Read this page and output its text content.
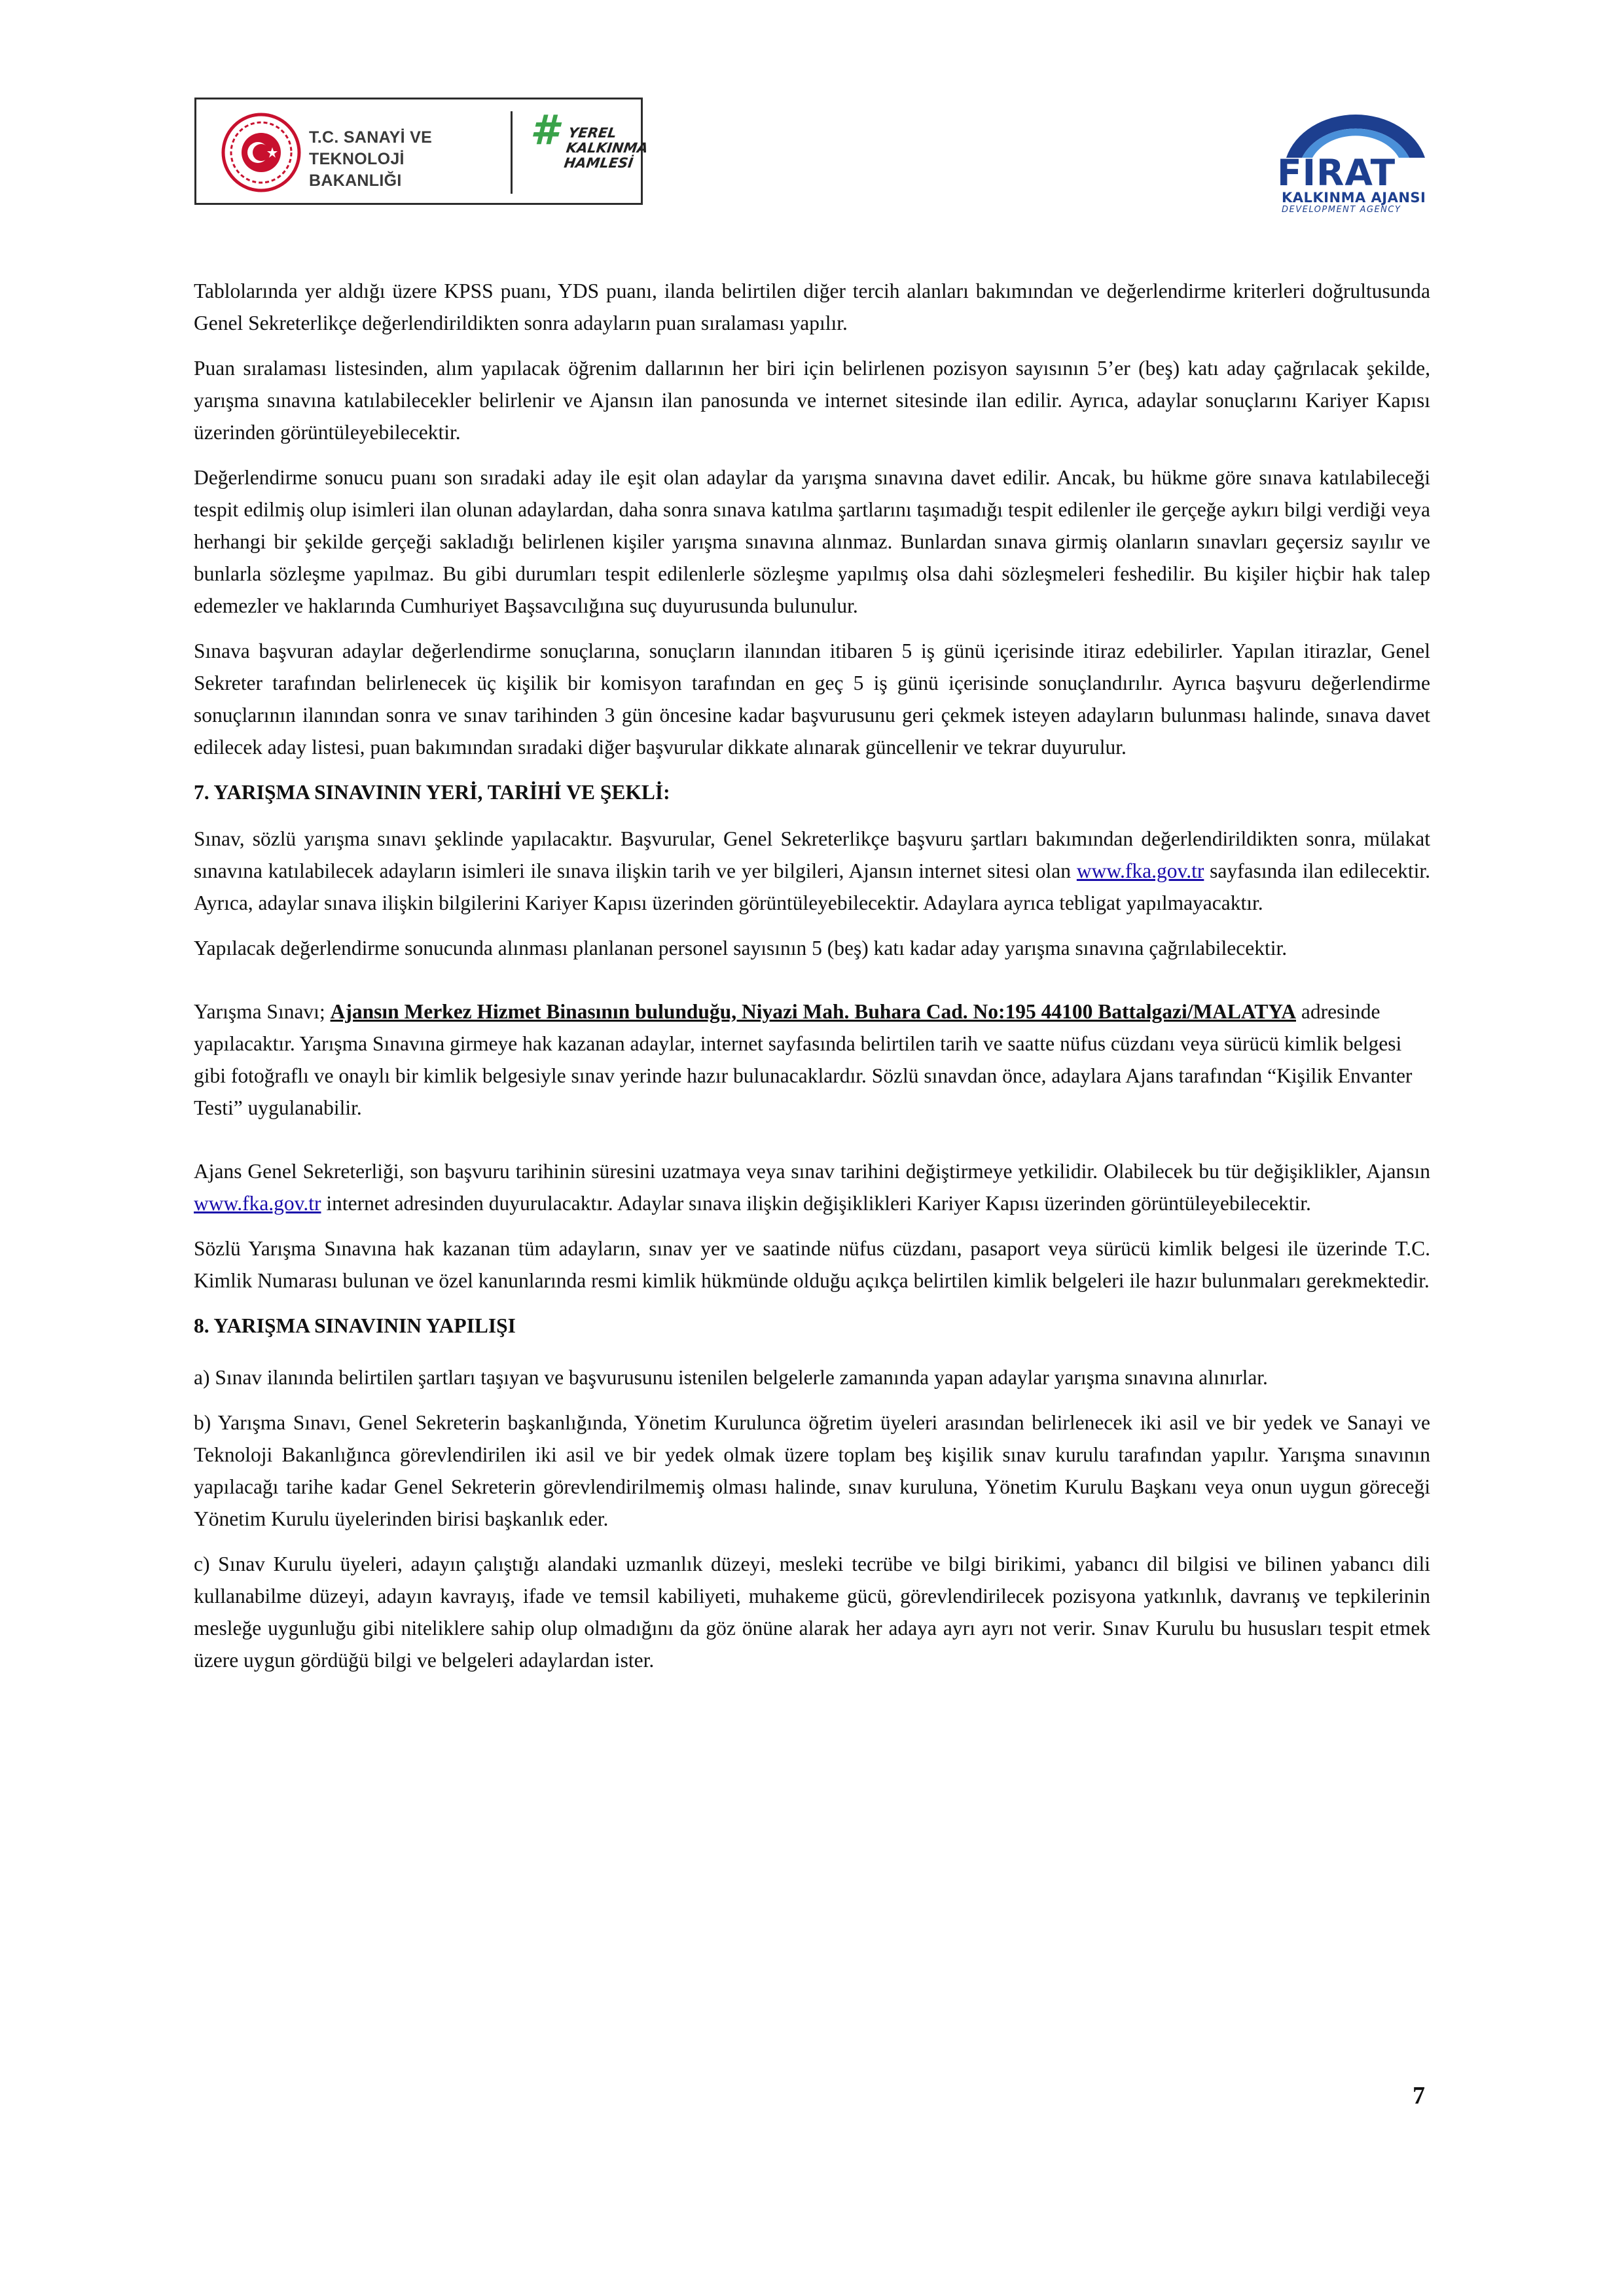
T.C. SANAYİ VE
TEKNOLOJİ BAKANLIĞI
# YEREL
KALKINMA
HAMLESİ	FIRAT
KALKINMA AJANSI
DEVELOPMENT AGENCY

Tablolarında yer aldığı üzere KPSS puanı, YDS puanı, ilanda belirtilen diğer tercih alanları bakımından ve değerlendirme kriterleri doğrultusunda Genel Sekreterlikçe değerlendirildikten sonra adayların puan sıralaması yapılır.

Puan sıralaması listesinden, alım yapılacak öğrenim dallarının her biri için belirlenen pozisyon sayısının 5’er (beş) katı aday çağrılacak şekilde, yarışma sınavına katılabilecekler belirlenir ve Ajansın ilan panosunda ve internet sitesinde ilan edilir. Ayrıca, adaylar sonuçlarını Kariyer Kapısı üzerinden görüntüleyebilecektir.

Değerlendirme sonucu puanı son sıradaki aday ile eşit olan adaylar da yarışma sınavına davet edilir. Ancak, bu hükme göre sınava katılabileceği tespit edilmiş olup isimleri ilan olunan adaylardan, daha sonra sınava katılma şartlarını taşımadığı tespit edilenler ile gerçeğe aykırı bilgi verdiği veya herhangi bir şekilde gerçeği sakladığı belirlenen kişiler yarışma sınavına alınmaz. Bunlardan sınava girmiş olanların sınavları geçersiz sayılır ve bunlarla sözleşme yapılmaz. Bu gibi durumları tespit edilenlerle sözleşme yapılmış olsa dahi sözleşmeleri feshedilir. Bu kişiler hiçbir hak talep edemezler ve haklarında Cumhuriyet Başsavcılığına suç duyurusunda bulunulur.

Sınava başvuran adaylar değerlendirme sonuçlarına, sonuçların ilanından itibaren 5 iş günü içerisinde itiraz edebilirler. Yapılan itirazlar, Genel Sekreter tarafından belirlenecek üç kişilik bir komisyon tarafından en geç 5 iş günü içerisinde sonuçlandırılır. Ayrıca başvuru değerlendirme sonuçlarının ilanından sonra ve sınav tarihinden 3 gün öncesine kadar başvurusunu geri çekmek isteyen adayların bulunması halinde, sınava davet edilecek aday listesi, puan bakımından sıradaki diğer başvurular dikkate alınarak güncellenir ve tekrar duyurulur.

7. YARIŞMA SINAVININ YERİ, TARİHİ VE ŞEKLİ:

Sınav, sözlü yarışma sınavı şeklinde yapılacaktır. Başvurular, Genel Sekreterlikçe başvuru şartları bakımından değerlendirildikten sonra, mülakat sınavına katılabilecek adayların isimleri ile sınava ilişkin tarih ve yer bilgileri, Ajansın internet sitesi olan www.fka.gov.tr sayfasında ilan edilecektir. Ayrıca, adaylar sınava ilişkin bilgilerini Kariyer Kapısı üzerinden görüntüleyebilecektir. Adaylara ayrıca tebligat yapılmayacaktır.

Yapılacak değerlendirme sonucunda alınması planlanan personel sayısının 5 (beş) katı kadar aday yarışma sınavına çağrılabilecektir.

Yarışma Sınavı; Ajansın Merkez Hizmet Binasının bulunduğu, Niyazi Mah. Buhara Cad. No:195 44100 Battalgazi/MALATYA adresinde yapılacaktır. Yarışma Sınavına girmeye hak kazanan adaylar, internet sayfasında belirtilen tarih ve saatte nüfus cüzdanı veya sürücü kimlik belgesi gibi fotoğraflı ve onaylı bir kimlik belgesiyle sınav yerinde hazır bulunacaklardır. Sözlü sınavdan önce, adaylara Ajans tarafından “Kişilik Envanter Testi” uygulanabilir.

Ajans Genel Sekreterliği, son başvuru tarihinin süresini uzatmaya veya sınav tarihini değiştirmeye yetkilidir. Olabilecek bu tür değişiklikler, Ajansın www.fka.gov.tr internet adresinden duyurulacaktır. Adaylar sınava ilişkin değişiklikleri Kariyer Kapısı üzerinden görüntüleyebilecektir.

Sözlü Yarışma Sınavına hak kazanan tüm adayların, sınav yer ve saatinde nüfus cüzdanı, pasaport veya sürücü kimlik belgesi ile üzerinde T.C. Kimlik Numarası bulunan ve özel kanunlarında resmi kimlik hükmünde olduğu açıkça belirtilen kimlik belgeleri ile hazır bulunmaları gerekmektedir.

8. YARIŞMA SINAVININ YAPILIŞI

a) Sınav ilanında belirtilen şartları taşıyan ve başvurusunu istenilen belgelerle zamanında yapan adaylar yarışma sınavına alınırlar.

b) Yarışma Sınavı, Genel Sekreterin başkanlığında, Yönetim Kurulunca öğretim üyeleri arasından belirlenecek iki asil ve bir yedek ve Sanayi ve Teknoloji Bakanlığınca görevlendirilen iki asil ve bir yedek olmak üzere toplam beş kişilik sınav kurulu tarafından yapılır. Yarışma sınavının yapılacağı tarihe kadar Genel Sekreterin görevlendirilmemiş olması halinde, sınav kuruluna, Yönetim Kurulu Başkanı veya onun uygun göreceği Yönetim Kurulu üyelerinden birisi başkanlık eder.

c) Sınav Kurulu üyeleri, adayın çalıştığı alandaki uzmanlık düzeyi, mesleki tecrübe ve bilgi birikimi, yabancı dil bilgisi ve bilinen yabancı dili kullanabilme düzeyi, adayın kavrayış, ifade ve temsil kabiliyeti, muhakeme gücü, görevlendirilecek pozisyona yatkınlık, davranış ve tepkilerinin mesleğe uygunluğu gibi niteliklere sahip olup olmadığını da göz önüne alarak her adaya ayrı ayrı not verir. Sınav Kurulu bu hususları tespit etmek üzere uygun gördüğü bilgi ve belgeleri adaylardan ister.

7
